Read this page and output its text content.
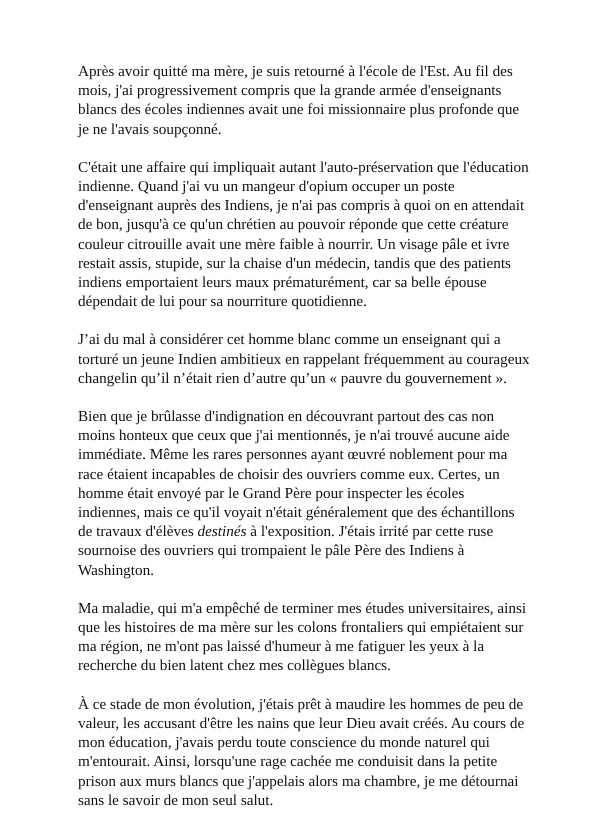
Après avoir quitté ma mère, je suis retourné à l'école de l'Est. Au fil des mois, j'ai progressivement compris que la grande armée d'enseignants blancs des écoles indiennes avait une foi missionnaire plus profonde que je ne l'avais soupçonné.

C'était une affaire qui impliquait autant l'auto-préservation que l'éducation indienne. Quand j'ai vu un mangeur d'opium occuper un poste d'enseignant auprès des Indiens, je n'ai pas compris à quoi on en attendait de bon, jusqu'à ce qu'un chrétien au pouvoir réponde que cette créature couleur citrouille avait une mère faible à nourrir. Un visage pâle et ivre restait assis, stupide, sur la chaise d'un médecin, tandis que des patients indiens emportaient leurs maux prématurément, car sa belle épouse dépendait de lui pour sa nourriture quotidienne.

J’ai du mal à considérer cet homme blanc comme un enseignant qui a torturé un jeune Indien ambitieux en rappelant fréquemment au courageux changelin qu’il n’était rien d’autre qu’un « pauvre du gouvernement ».

Bien que je brûlasse d'indignation en découvrant partout des cas non moins honteux que ceux que j'ai mentionnés, je n'ai trouvé aucune aide immédiate. Même les rares personnes ayant œuvré noblement pour ma race étaient incapables de choisir des ouvriers comme eux. Certes, un homme était envoyé par le Grand Père pour inspecter les écoles indiennes, mais ce qu'il voyait n'était généralement que des échantillons de travaux d'élèves destinés à l'exposition. J'étais irrité par cette ruse sournoise des ouvriers qui trompaient le pâle Père des Indiens à Washington.

Ma maladie, qui m'a empêché de terminer mes études universitaires, ainsi que les histoires de ma mère sur les colons frontaliers qui empiétaient sur ma région, ne m'ont pas laissé d'humeur à me fatiguer les yeux à la recherche du bien latent chez mes collègues blancs.

À ce stade de mon évolution, j'étais prêt à maudire les hommes de peu de valeur, les accusant d'être les nains que leur Dieu avait créés. Au cours de mon éducation, j'avais perdu toute conscience du monde naturel qui m'entourait. Ainsi, lorsqu'une rage cachée me conduisit dans la petite prison aux murs blancs que j'appelais alors ma chambre, je me détournai sans le savoir de mon seul salut.
